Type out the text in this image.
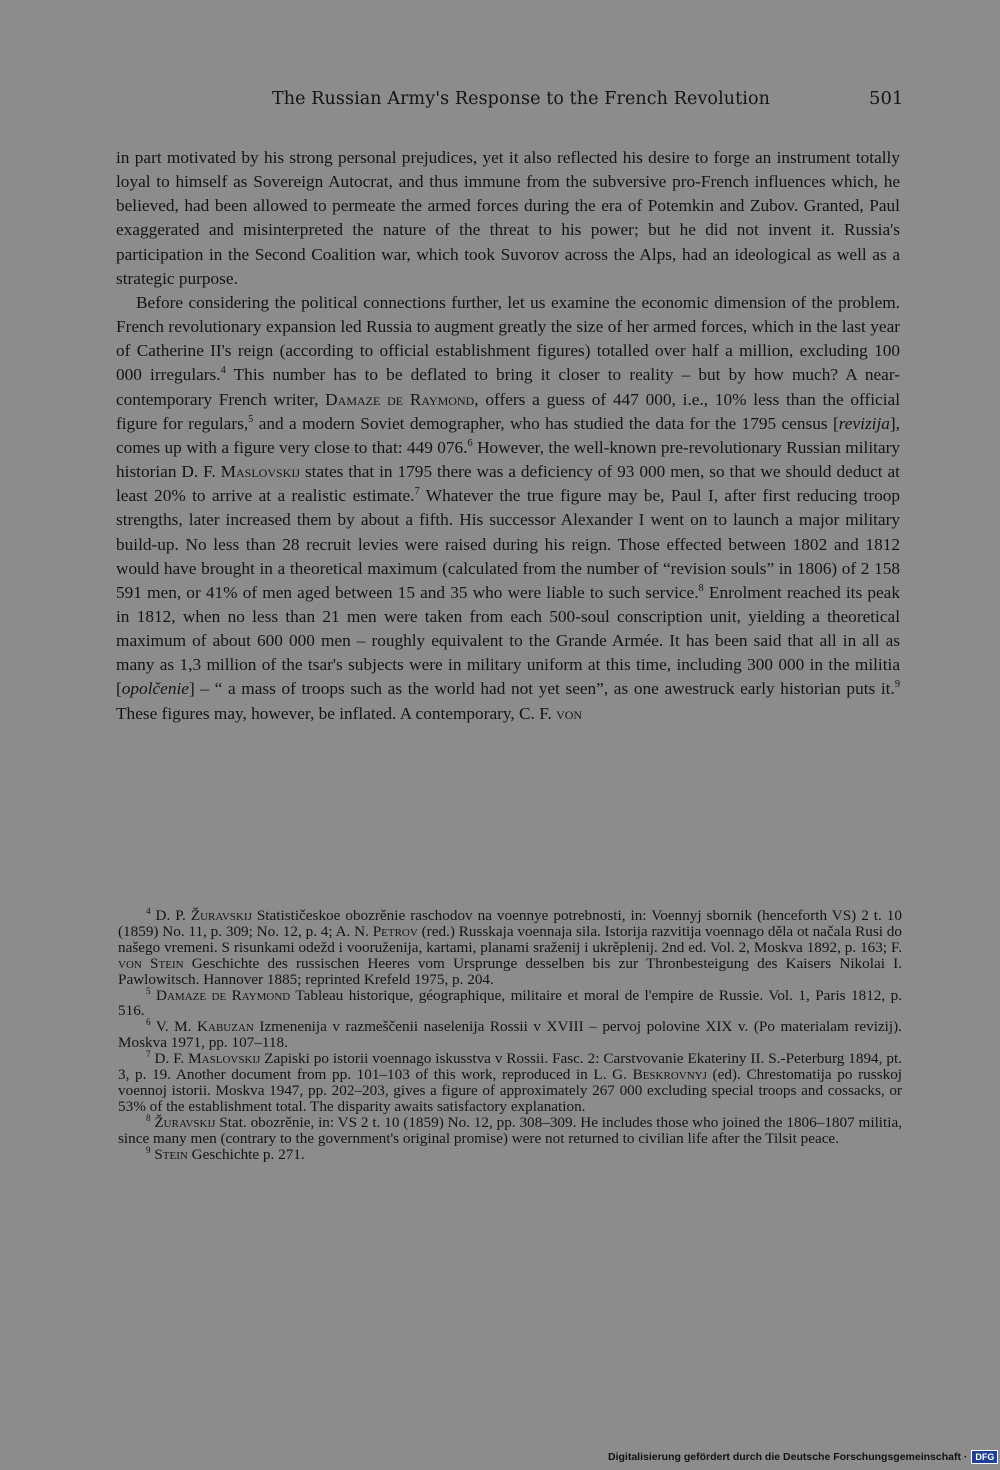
The Russian Army's Response to the French Revolution	501

in part motivated by his strong personal prejudices, yet it also reflected his desire to forge an instrument totally loyal to himself as Sovereign Autocrat, and thus immune from the subversive pro-French influences which, he believed, had been allowed to permeate the armed forces during the era of Potemkin and Zubov. Granted, Paul exaggerated and misinterpreted the nature of the threat to his power; but he did not invent it. Russia's participation in the Second Coalition war, which took Suvorov across the Alps, had an ideological as well as a strategic purpose.

Before considering the political connections further, let us examine the economic dimension of the problem. French revolutionary expansion led Russia to augment greatly the size of her armed forces, which in the last year of Catherine II's reign (according to official establishment figures) totalled over half a million, excluding 100 000 irregulars.$^4$ This number has to be deflated to bring it closer to reality – but by how much? A near-contemporary French writer, Damaze de Raymond, offers a guess of 447 000, i.e., 10% less than the official figure for regulars,$^5$ and a modern Soviet demographer, who has studied the data for the 1795 census [revizija], comes up with a figure very close to that: 449 076.$^6$ However, the well-known pre-revolutionary Russian military historian D. F. Maslovskij states that in 1795 there was a deficiency of 93 000 men, so that we should deduct at least 20% to arrive at a realistic estimate.$^7$ Whatever the true figure may be, Paul I, after first reducing troop strengths, later increased them by about a fifth. His successor Alexander I went on to launch a major military build-up. No less than 28 recruit levies were raised during his reign. Those effected between 1802 and 1812 would have brought in a theoretical maximum (calculated from the number of “revision souls” in 1806) of 2 158 591 men, or 41% of men aged between 15 and 35 who were liable to such service.$^8$ Enrolment reached its peak in 1812, when no less than 21 men were taken from each 500-soul conscription unit, yielding a theoretical maximum of about 600 000 men – roughly equivalent to the Grande Armée. It has been said that all in all as many as 1,3 million of the tsar's subjects were in military uniform at this time, including 300 000 in the militia [opolčenie] – “ a mass of troops such as the world had not yet seen”, as one awestruck early historian puts it.$^9$ These figures may, however, be inflated. A contemporary, C. F. von

$^4$ D. P. Žuravskij Statističeskoe obozrěnie raschodov na voennye potrebnosti, in: Voennyj sbornik (henceforth VS) 2 t. 10 (1859) No. 11, p. 309; No. 12, p. 4; A. N. Petrov (red.) Russkaja voennaja sila. Istorija razvitija voennago děla ot načala Rusi do našego vremeni. S risunkami odežd i vooruženija, kartami, planami sraženij i ukrěplenij. 2nd ed. Vol. 2, Moskva 1892, p. 163; F. von Stein Geschichte des russischen Heeres vom Ursprunge desselben bis zur Thronbesteigung des Kaisers Nikolai I. Pawlowitsch. Hannover 1885; reprinted Krefeld 1975, p. 204.

$^5$ Damaze de Raymond Tableau historique, géographique, militaire et moral de l'empire de Russie. Vol. 1, Paris 1812, p. 516.

$^6$ V. M. Kabuzan Izmenenija v razmeščenii naselenija Rossii v XVIII – pervoj polovine XIX v. (Po materialam revizij). Moskva 1971, pp. 107–118.

$^7$ D. F. Maslovskij Zapiski po istorii voennago iskusstva v Rossii. Fasc. 2: Carstvovanie Ekateriny II. S.-Peterburg 1894, pt. 3, p. 19. Another document from pp. 101–103 of this work, reproduced in L. G. Beskrovnyj (ed). Chrestomatija po russkoj voennoj istorii. Moskva 1947, pp. 202–203, gives a figure of approximately 267 000 excluding special troops and cossacks, or 53% of the establishment total. The disparity awaits satisfactory explanation.

$^8$ Žuravskij Stat. obozrěnie, in: VS 2 t. 10 (1859) No. 12, pp. 308–309. He includes those who joined the 1806–1807 militia, since many men (contrary to the government's original promise) were not returned to civilian life after the Tilsit peace.

$^9$ Stein Geschichte p. 271.

Digitalisierung gefördert durch die Deutsche Forschungsgemeinschaft · DFG
